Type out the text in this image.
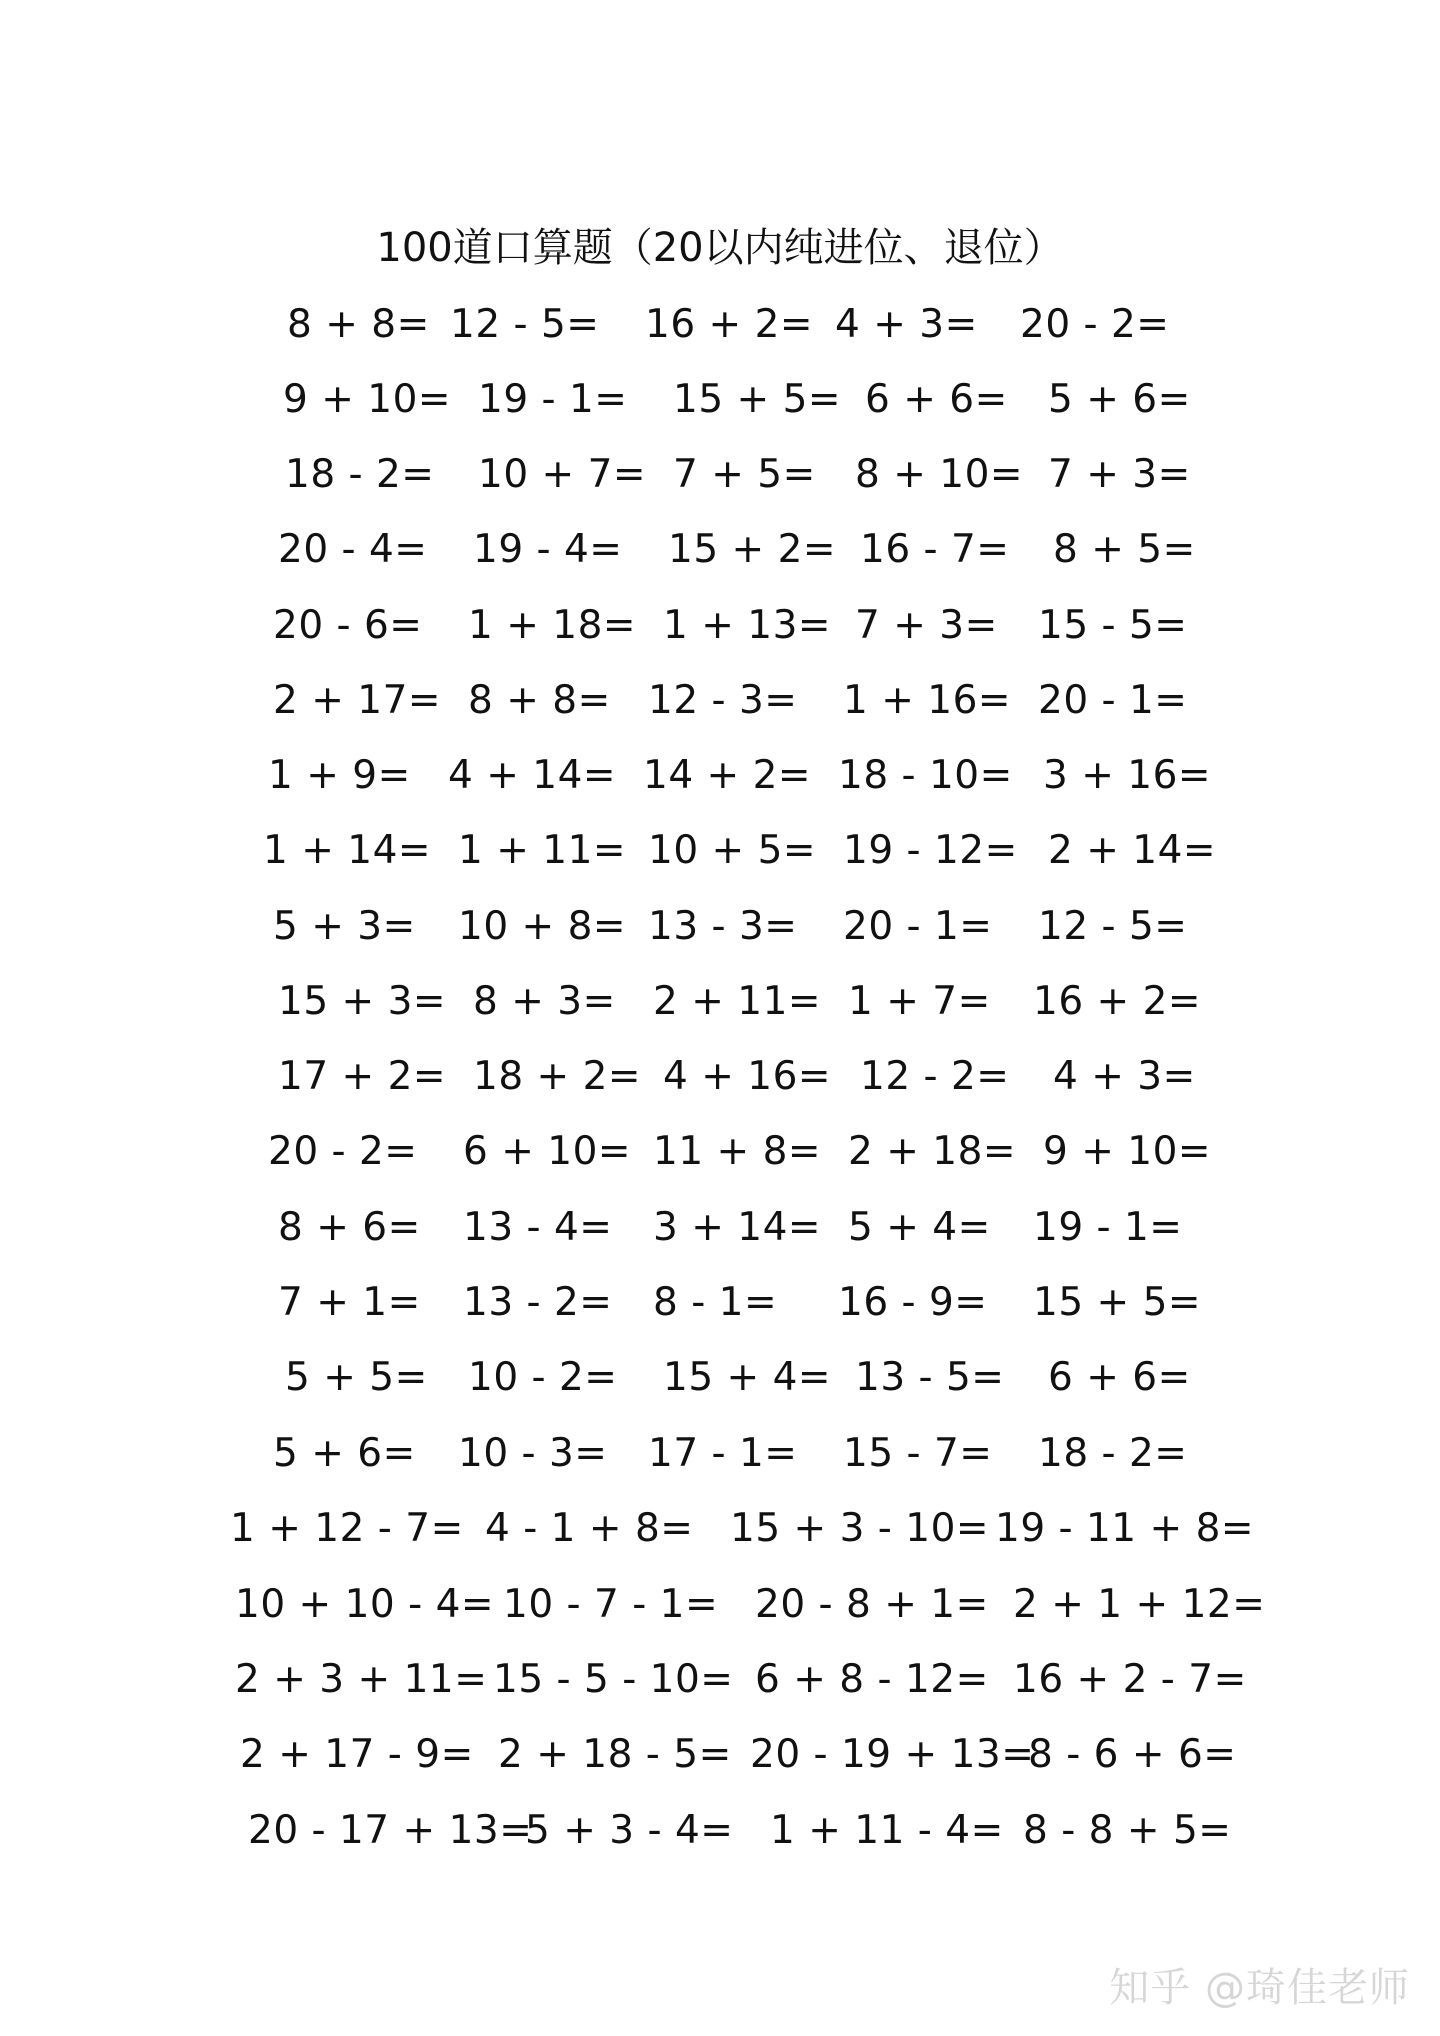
100道口算题（20以内纯进位、退位）
8 + 8= 12 - 5= 16 + 2= 4 + 3= 20 - 2=
9 + 10= 19 - 1= 15 + 5= 6 + 6= 5 + 6=
18 - 2= 10 + 7= 7 + 5= 8 + 10= 7 + 3=
20 - 4= 19 - 4= 15 + 2= 16 - 7= 8 + 5=
20 - 6= 1 + 18= 1 + 13= 7 + 3= 15 - 5=
2 + 17= 8 + 8= 12 - 3= 1 + 16= 20 - 1=
1 + 9= 4 + 14= 14 + 2= 18 - 10= 3 + 16=
1 + 14= 1 + 11= 10 + 5= 19 - 12= 2 + 14=
5 + 3= 10 + 8= 13 - 3= 20 - 1= 12 - 5=
15 + 3= 8 + 3= 2 + 11= 1 + 7= 16 + 2=
17 + 2= 18 + 2= 4 + 16= 12 - 2= 4 + 3=
20 - 2= 6 + 10= 11 + 8= 2 + 18= 9 + 10=
8 + 6= 13 - 4= 3 + 14= 5 + 4= 19 - 1=
7 + 1= 13 - 2= 8 - 1= 16 - 9= 15 + 5=
5 + 5= 10 - 2= 15 + 4= 13 - 5= 6 + 6=
5 + 6= 10 - 3= 17 - 1= 15 - 7= 18 - 2=
1 + 12 - 7= 4 - 1 + 8= 15 + 3 - 10= 19 - 11 + 8=
10 + 10 - 4= 10 - 7 - 1= 20 - 8 + 1= 2 + 1 + 12=
2 + 3 + 11= 15 - 5 - 10= 6 + 8 - 12= 16 + 2 - 7=
2 + 17 - 9= 2 + 18 - 5= 20 - 19 + 13=
8 - 6 + 6=
20 - 17 + 13=
5 + 3 - 4= 1 + 11 - 4= 8 - 8 + 5=
知乎 @琦佳老师
